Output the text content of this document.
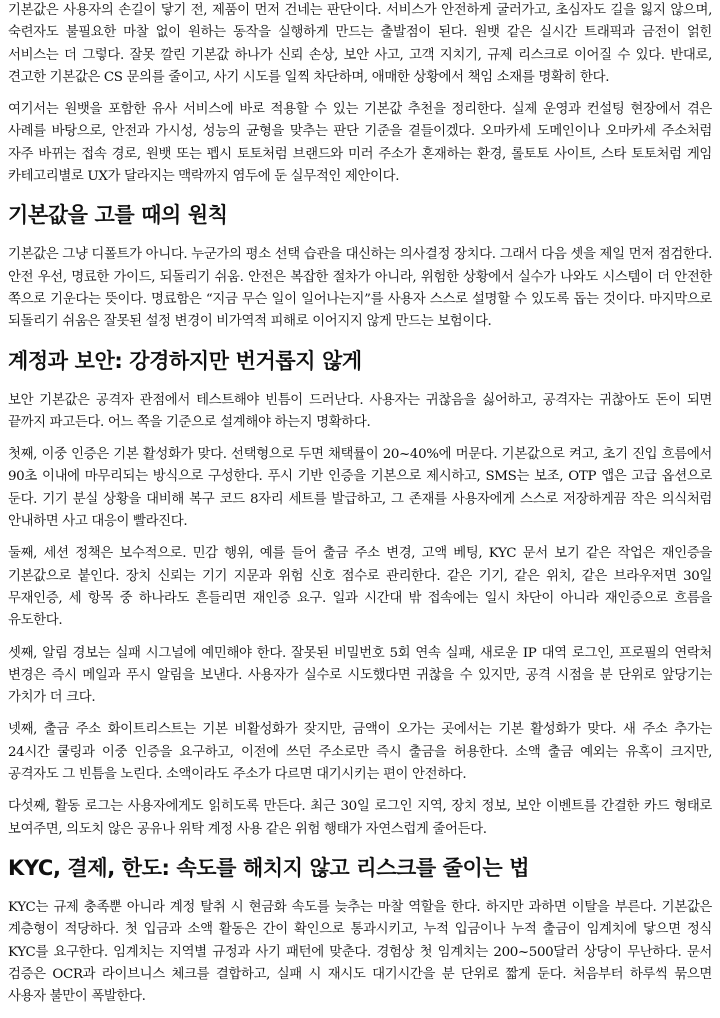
기본값은 사용자의 손길이 닿기 전, 제품이 먼저 건네는 판단이다. 서비스가 안전하게 굴러가고, 초심자도 길을 잃지 않으며, 숙련자도 불필요한 마찰 없이 원하는 동작을 실행하게 만드는 출발점이 된다. 원뱃 같은 실시간 트래픽과 금전이 얽힌 서비스는 더 그렇다. 잘못 깔린 기본값 하나가 신뢰 손상, 보안 사고, 고객 지치기, 규제 리스크로 이어질 수 있다. 반대로, 견고한 기본값은 CS 문의를 줄이고, 사기 시도를 일찍 차단하며, 애매한 상황에서 책임 소재를 명확히 한다.

여기서는 원뱃을 포함한 유사 서비스에 바로 적용할 수 있는 기본값 추천을 정리한다. 실제 운영과 컨설팅 현장에서 겪은 사례를 바탕으로, 안전과 가시성, 성능의 균형을 맞추는 판단 기준을 곁들이겠다. 오마카세 도메인이나 오마카세 주소처럼 자주 바뀌는 접속 경로, 원뱃 또는 펩시 토토처럼 브랜드와 미러 주소가 혼재하는 환경, 롤토토 사이트, 스타 토토처럼 게임 카테고리별로 UX가 달라지는 맥락까지 염두에 둔 실무적인 제안이다.

기본값을 고를 때의 원칙

기본값은 그냥 디폴트가 아니다. 누군가의 평소 선택 습관을 대신하는 의사결정 장치다. 그래서 다음 셋을 제일 먼저 점검한다. 안전 우선, 명료한 가이드, 되돌리기 쉬움. 안전은 복잡한 절차가 아니라, 위험한 상황에서 실수가 나와도 시스템이 더 안전한 쪽으로 기운다는 뜻이다. 명료함은 “지금 무슨 일이 일어나는지”를 사용자 스스로 설명할 수 있도록 돕는 것이다. 마지막으로 되돌리기 쉬움은 잘못된 설정 변경이 비가역적 피해로 이어지지 않게 만드는 보험이다.

계정과 보안: 강경하지만 번거롭지 않게

보안 기본값은 공격자 관점에서 테스트해야 빈틈이 드러난다. 사용자는 귀찮음을 싫어하고, 공격자는 귀찮아도 돈이 되면 끝까지 파고든다. 어느 쪽을 기준으로 설계해야 하는지 명확하다.

첫째, 이중 인증은 기본 활성화가 맞다. 선택형으로 두면 채택률이 20~40%에 머문다. 기본값으로 켜고, 초기 진입 흐름에서 90초 이내에 마무리되는 방식으로 구성한다. 푸시 기반 인증을 기본으로 제시하고, SMS는 보조, OTP 앱은 고급 옵션으로 둔다. 기기 분실 상황을 대비해 복구 코드 8자리 세트를 발급하고, 그 존재를 사용자에게 스스로 저장하게끔 작은 의식처럼 안내하면 사고 대응이 빨라진다.

둘째, 세션 정책은 보수적으로. 민감 행위, 예를 들어 출금 주소 변경, 고액 베팅, KYC 문서 보기 같은 작업은 재인증을 기본값으로 붙인다. 장치 신뢰는 기기 지문과 위험 신호 점수로 관리한다. 같은 기기, 같은 위치, 같은 브라우저면 30일 무재인증, 세 항목 중 하나라도 흔들리면 재인증 요구. 일과 시간대 밖 접속에는 일시 차단이 아니라 재인증으로 흐름을 유도한다.

셋째, 알림 경보는 실패 시그널에 예민해야 한다. 잘못된 비밀번호 5회 연속 실패, 새로운 IP 대역 로그인, 프로필의 연락처 변경은 즉시 메일과 푸시 알림을 보낸다. 사용자가 실수로 시도했다면 귀찮을 수 있지만, 공격 시점을 분 단위로 앞당기는 가치가 더 크다.

넷째, 출금 주소 화이트리스트는 기본 비활성화가 잦지만, 금액이 오가는 곳에서는 기본 활성화가 맞다. 새 주소 추가는 24시간 쿨링과 이중 인증을 요구하고, 이전에 쓰던 주소로만 즉시 출금을 허용한다. 소액 출금 예외는 유혹이 크지만, 공격자도 그 빈틈을 노린다. 소액이라도 주소가 다르면 대기시키는 편이 안전하다.

다섯째, 활동 로그는 사용자에게도 읽히도록 만든다. 최근 30일 로그인 지역, 장치 정보, 보안 이벤트를 간결한 카드 형태로 보여주면, 의도치 않은 공유나 위탁 계정 사용 같은 위험 행태가 자연스럽게 줄어든다.

KYC, 결제, 한도: 속도를 해치지 않고 리스크를 줄이는 법

KYC는 규제 충족뿐 아니라 계정 탈취 시 현금화 속도를 늦추는 마찰 역할을 한다. 하지만 과하면 이탈을 부른다. 기본값은 계층형이 적당하다. 첫 입금과 소액 활동은 간이 확인으로 통과시키고, 누적 입금이나 누적 출금이 임계치에 닿으면 정식 KYC를 요구한다. 임계치는 지역별 규정과 사기 패턴에 맞춘다. 경험상 첫 임계치는 200~500달러 상당이 무난하다. 문서 검증은 OCR과 라이브니스 체크를 결합하고, 실패 시 재시도 대기시간을 분 단위로 짧게 둔다. 처음부터 하루씩 묶으면 사용자 불만이 폭발한다.
